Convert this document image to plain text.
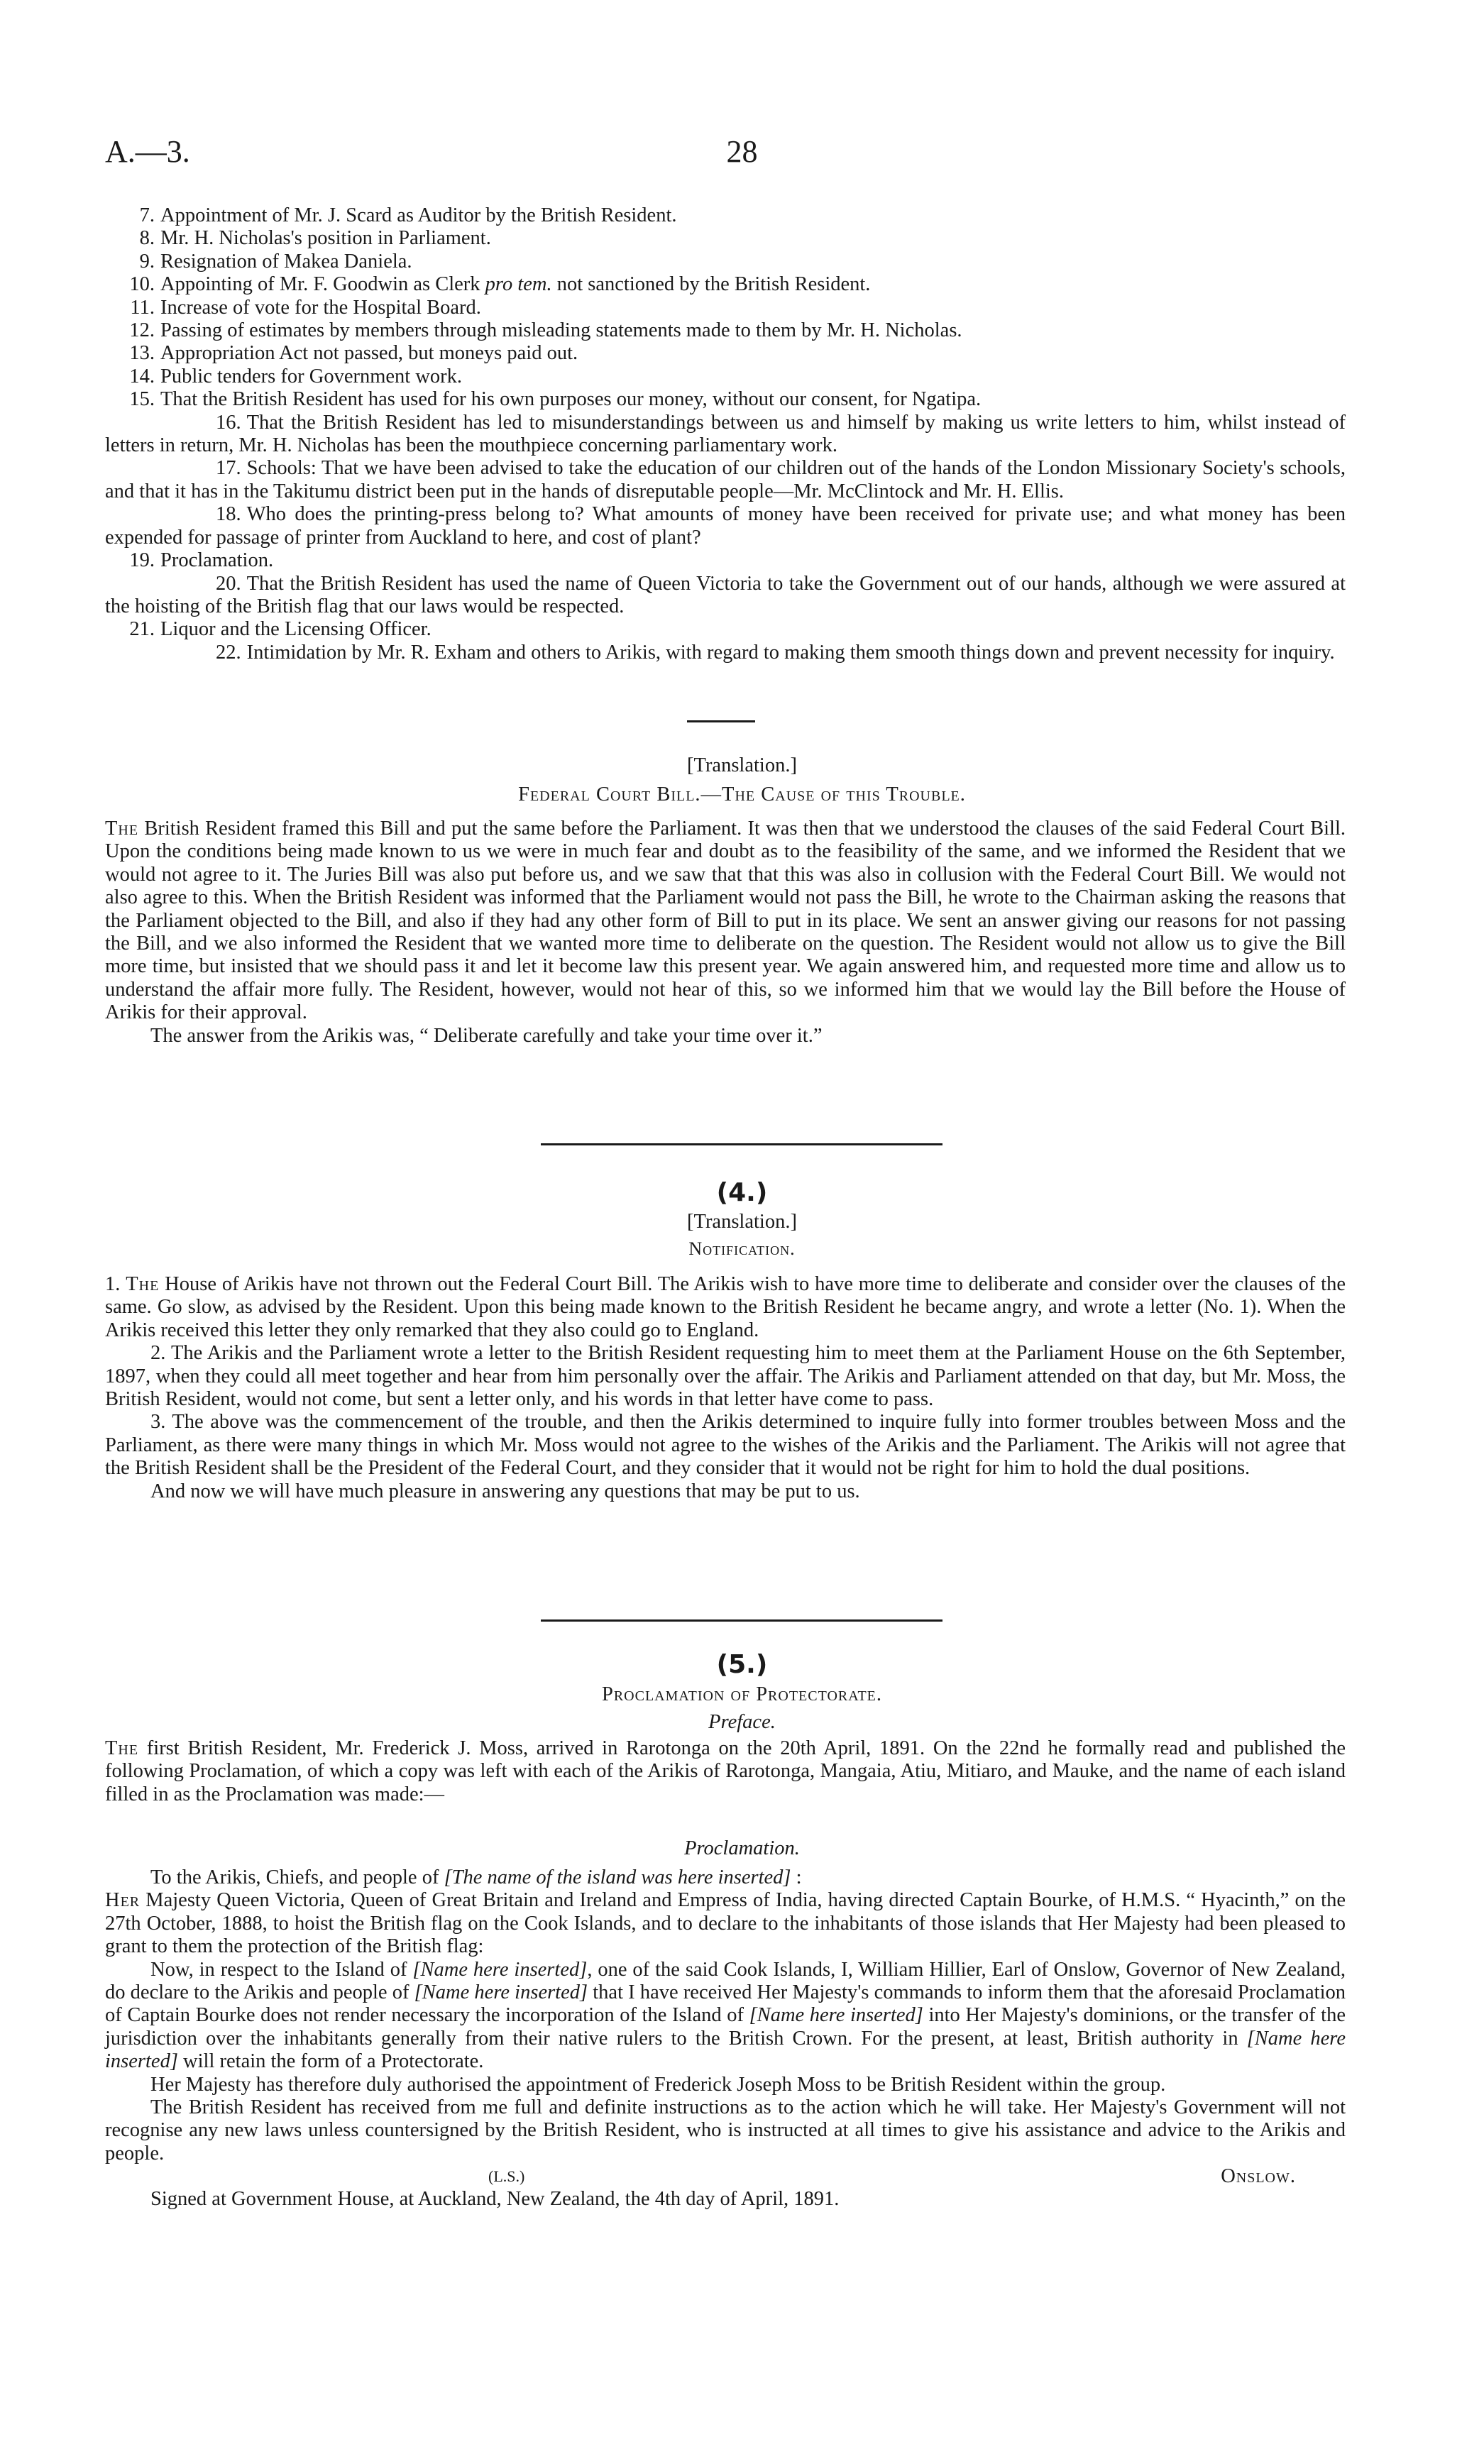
A.—3.	28
7. Appointment of Mr. J. Scard as Auditor by the British Resident.
8. Mr. H. Nicholas's position in Parliament.
9. Resignation of Makea Daniela.
10. Appointing of Mr. F. Goodwin as Clerk pro tem. not sanctioned by the British Resident.
11. Increase of vote for the Hospital Board.
12. Passing of estimates by members through misleading statements made to them by Mr. H. Nicholas.
13. Appropriation Act not passed, but moneys paid out.
14. Public tenders for Government work.
15. That the British Resident has used for his own purposes our money, without our consent, for Ngatipa.
16. That the British Resident has led to misunderstandings between us and himself by making us write letters to him, whilst instead of letters in return, Mr. H. Nicholas has been the mouthpiece concerning parliamentary work.
17. Schools: That we have been advised to take the education of our children out of the hands of the London Missionary Society's schools, and that it has in the Takitumu district been put in the hands of disreputable people—Mr. McClintock and Mr. H. Ellis.
18. Who does the printing-press belong to? What amounts of money have been received for private use; and what money has been expended for passage of printer from Auckland to here, and cost of plant?
19. Proclamation.
20. That the British Resident has used the name of Queen Victoria to take the Government out of our hands, although we were assured at the hoisting of the British flag that our laws would be respected.
21. Liquor and the Licensing Officer.
22. Intimidation by Mr. R. Exham and others to Arikis, with regard to making them smooth things down and prevent necessity for inquiry.
[Translation.]
Federal Court Bill.—The Cause of this Trouble.
The British Resident framed this Bill and put the same before the Parliament. It was then that we understood the clauses of the said Federal Court Bill. Upon the conditions being made known to us we were in much fear and doubt as to the feasibility of the same, and we informed the Resident that we would not agree to it. The Juries Bill was also put before us, and we saw that that this was also in collusion with the Federal Court Bill. We would not also agree to this. When the British Resident was informed that the Parliament would not pass the Bill, he wrote to the Chairman asking the reasons that the Parliament objected to the Bill, and also if they had any other form of Bill to put in its place. We sent an answer giving our reasons for not passing the Bill, and we also informed the Resident that we wanted more time to deliberate on the question. The Resident would not allow us to give the Bill more time, but insisted that we should pass it and let it become law this present year. We again answered him, and requested more time and allow us to understand the affair more fully. The Resident, however, would not hear of this, so we informed him that we would lay the Bill before the House of Arikis for their approval.
The answer from the Arikis was, “ Deliberate carefully and take your time over it.”
(4.)
[Translation.]
Notification.
1. The House of Arikis have not thrown out the Federal Court Bill. The Arikis wish to have more time to deliberate and consider over the clauses of the same. Go slow, as advised by the Resident. Upon this being made known to the British Resident he became angry, and wrote a letter (No. 1). When the Arikis received this letter they only remarked that they also could go to England.
2. The Arikis and the Parliament wrote a letter to the British Resident requesting him to meet them at the Parliament House on the 6th September, 1897, when they could all meet together and hear from him personally over the affair. The Arikis and Parliament attended on that day, but Mr. Moss, the British Resident, would not come, but sent a letter only, and his words in that letter have come to pass.
3. The above was the commencement of the trouble, and then the Arikis determined to inquire fully into former troubles between Moss and the Parliament, as there were many things in which Mr. Moss would not agree to the wishes of the Arikis and the Parliament. The Arikis will not agree that the British Resident shall be the President of the Federal Court, and they consider that it would not be right for him to hold the dual positions.
And now we will have much pleasure in answering any questions that may be put to us.
(5.)
Proclamation of Protectorate.
Preface.
The first British Resident, Mr. Frederick J. Moss, arrived in Rarotonga on the 20th April, 1891. On the 22nd he formally read and published the following Proclamation, of which a copy was left with each of the Arikis of Rarotonga, Mangaia, Atiu, Mitiaro, and Mauke, and the name of each island filled in as the Proclamation was made:—
Proclamation.
To the Arikis, Chiefs, and people of [The name of the island was here inserted] :
Her Majesty Queen Victoria, Queen of Great Britain and Ireland and Empress of India, having directed Captain Bourke, of H.M.S. “ Hyacinth,” on the 27th October, 1888, to hoist the British flag on the Cook Islands, and to declare to the inhabitants of those islands that Her Majesty had been pleased to grant to them the protection of the British flag:
Now, in respect to the Island of [Name here inserted], one of the said Cook Islands, I, William Hillier, Earl of Onslow, Governor of New Zealand, do declare to the Arikis and people of [Name here inserted] that I have received Her Majesty's commands to inform them that the aforesaid Proclamation of Captain Bourke does not render necessary the incorporation of the Island of [Name here inserted] into Her Majesty's dominions, or the transfer of the jurisdiction over the inhabitants generally from their native rulers to the British Crown. For the present, at least, British authority in [Name here inserted] will retain the form of a Protectorate.
Her Majesty has therefore duly authorised the appointment of Frederick Joseph Moss to be British Resident within the group.
The British Resident has received from me full and definite instructions as to the action which he will take. Her Majesty's Government will not recognise any new laws unless countersigned by the British Resident, who is instructed at all times to give his assistance and advice to the Arikis and people.
(L.S.)	Onslow.
Signed at Government House, at Auckland, New Zealand, the 4th day of April, 1891.
